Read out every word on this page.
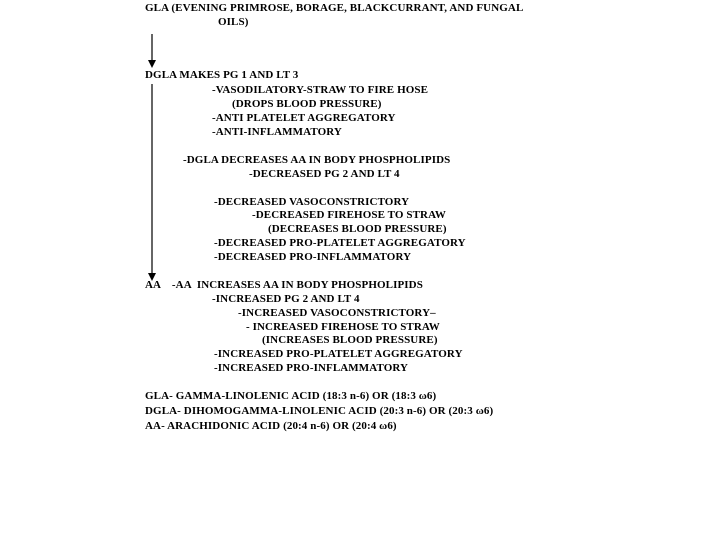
GLA (EVENING PRIMROSE, BORAGE, BLACKCURRANT, AND FUNGAL
OILS)
DGLA MAKES PG 1 AND LT 3
-VASODILATORY-STRAW TO FIRE HOSE
(DROPS BLOOD PRESSURE)
-ANTI PLATELET AGGREGATORY
-ANTI-INFLAMMATORY
-DGLA DECREASES AA IN BODY PHOSPHOLIPIDS
-DECREASED PG 2 AND LT 4
-DECREASED VASOCONSTRICTORY
-DECREASED FIREHOSE TO STRAW
(DECREASES BLOOD PRESSURE)
-DECREASED PRO-PLATELET AGGREGATORY
-DECREASED PRO-INFLAMMATORY
AA    -AA  INCREASES AA IN BODY PHOSPHOLIPIDS
-INCREASED PG 2 AND LT 4
-INCREASED VASOCONSTRICTORY–
- INCREASED FIREHOSE TO STRAW
(INCREASES BLOOD PRESSURE)
-INCREASED PRO-PLATELET AGGREGATORY
-INCREASED PRO-INFLAMMATORY
GLA- GAMMA-LINOLENIC ACID (18:3 n-6) OR (18:3 ω6)
DGLA- DIHOMOGAMMA-LINOLENIC ACID (20:3 n-6) OR (20:3 ω6)
AA- ARACHIDONIC ACID (20:4 n-6) OR (20:4 ω6)
